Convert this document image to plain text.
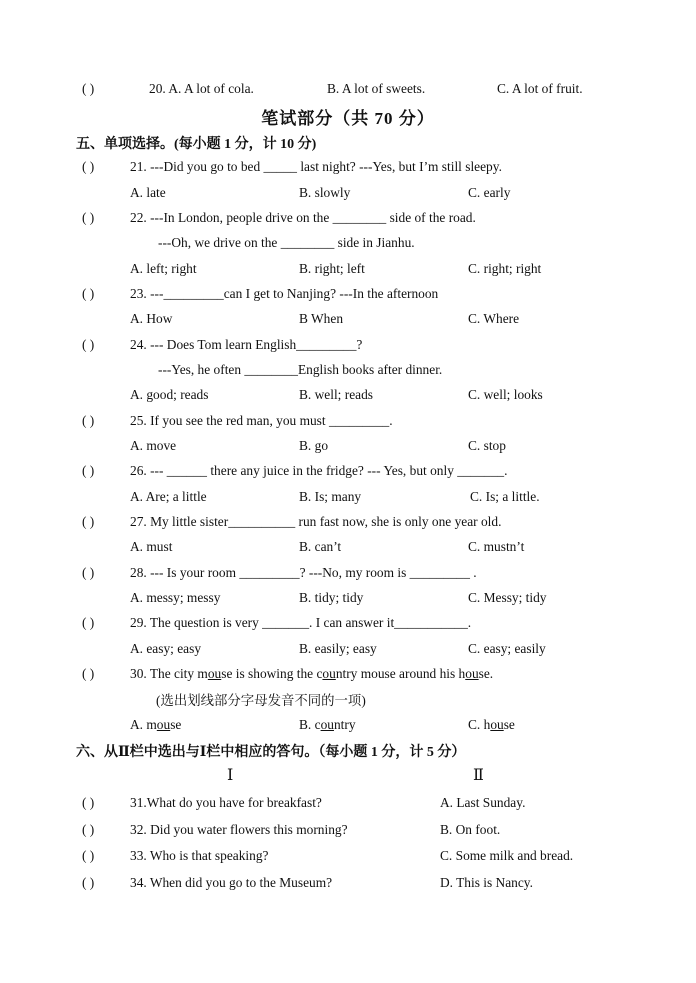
( )	20. A. A lot of cola.	B. A lot of sweets.	C. A lot of fruit.
笔试部分（共 70 分）
五、单项选择。(每小题 1 分，计 10 分)
( )	21. ---Did you go to bed _____ last night? ---Yes, but I’m still sleepy.
A. late	B. slowly	C. early
( )	22. ---In London, people drive on the ________ side of the road.
---Oh, we drive on the ________ side in Jianhu.
A. left; right	B. right; left	C. right; right
( )	23. ---_________can I get to Nanjing? ---In the afternoon
A. How	B When	C. Where
( )	24. --- Does Tom learn English_________?
---Yes, he often ________English books after dinner.
A. good; reads	B. well; reads	C. well; looks
( )	25. If you see the red man, you must _________.
A. move	B. go	C. stop
( )	26. --- ______ there any juice in the fridge? --- Yes, but only _______.
A. Are; a little	B. Is; many	C. Is; a little.
( )	27. My little sister__________ run fast now, she is only one year old.
A. must	B. can’t	C. mustn’t
( )	28. --- Is your room _________? ---No, my room is _________ .
A. messy; messy	B. tidy; tidy	C. Messy; tidy
( )	29. The question is very _______. I can answer it___________.
A. easy; easy	B. easily; easy	C. easy; easily
( )	30. The city mouse is showing the country mouse around his house.
(选出划线部分字母发音不同的一项)
A. mouse	B. country	C. house
六、从Ⅱ栏中选出与Ⅰ栏中相应的答句。（每小题 1 分，计 5 分）
Ⅰ	Ⅱ
( )	31.What do you have for breakfast?	A. Last Sunday.
( )	32. Did you water flowers this morning?	B. On foot.
( )	33. Who is that speaking?	C. Some milk and bread.
( )	34. When did you go to the Museum?	D. This is Nancy.
